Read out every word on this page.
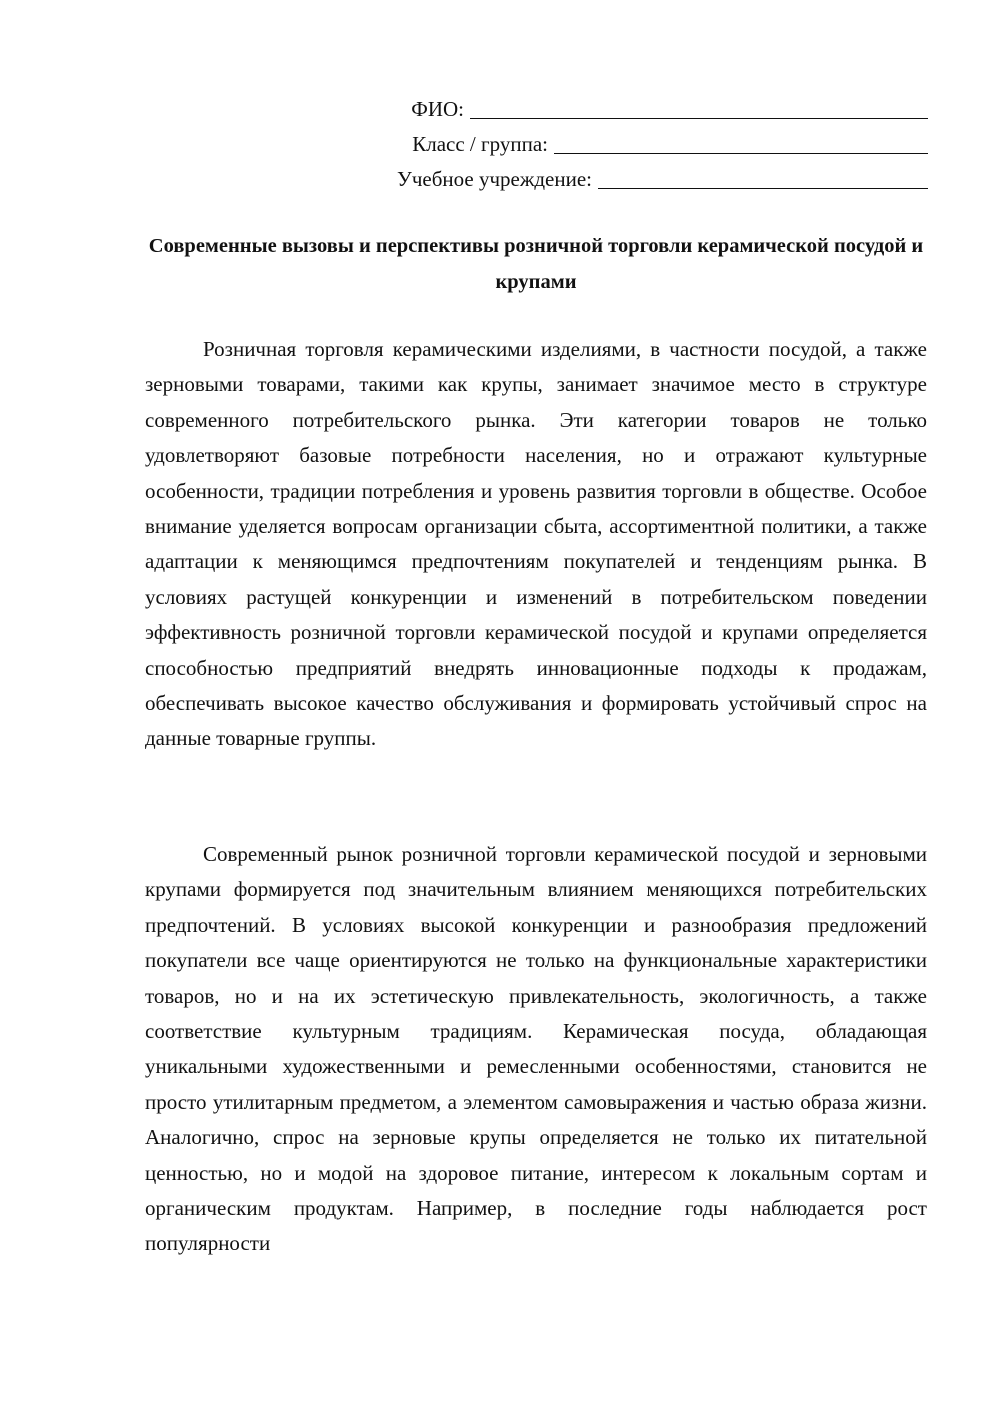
ФИО:
Класс / группа:
Учебное учреждение:
Современные вызовы и перспективы розничной торговли керамической посудой и крупами

Розничная торговля керамическими изделиями, в частности посудой, а также зерновыми товарами, такими как крупы, занимает значимое место в структуре современного потребительского рынка. Эти категории товаров не только удовлетворяют базовые потребности населения, но и отражают культурные особенности, традиции потребления и уровень развития торговли в обществе. Особое внимание уделяется вопросам организации сбыта, ассортиментной политики, а также адаптации к меняющимся предпочтениям покупателей и тенденциям рынка. В условиях растущей конкуренции и изменений в потребительском поведении эффективность розничной торговли керамической посудой и крупами определяется способностью предприятий внедрять инновационные подходы к продажам, обеспечивать высокое качество обслуживания и формировать устойчивый спрос на данные товарные группы.

Современный рынок розничной торговли керамической посудой и зерновыми крупами формируется под значительным влиянием меняющихся потребительских предпочтений. В условиях высокой конкуренции и разнообразия предложений покупатели все чаще ориентируются не только на функциональные характеристики товаров, но и на их эстетическую привлекательность, экологичность, а также соответствие культурным традициям. Керамическая посуда, обладающая уникальными художественными и ремесленными особенностями, становится не просто утилитарным предметом, а элементом самовыражения и частью образа жизни. Аналогично, спрос на зерновые крупы определяется не только их питательной ценностью, но и модой на здоровое питание, интересом к локальным сортам и органическим продуктам. Например, в последние годы наблюдается рост популярности
